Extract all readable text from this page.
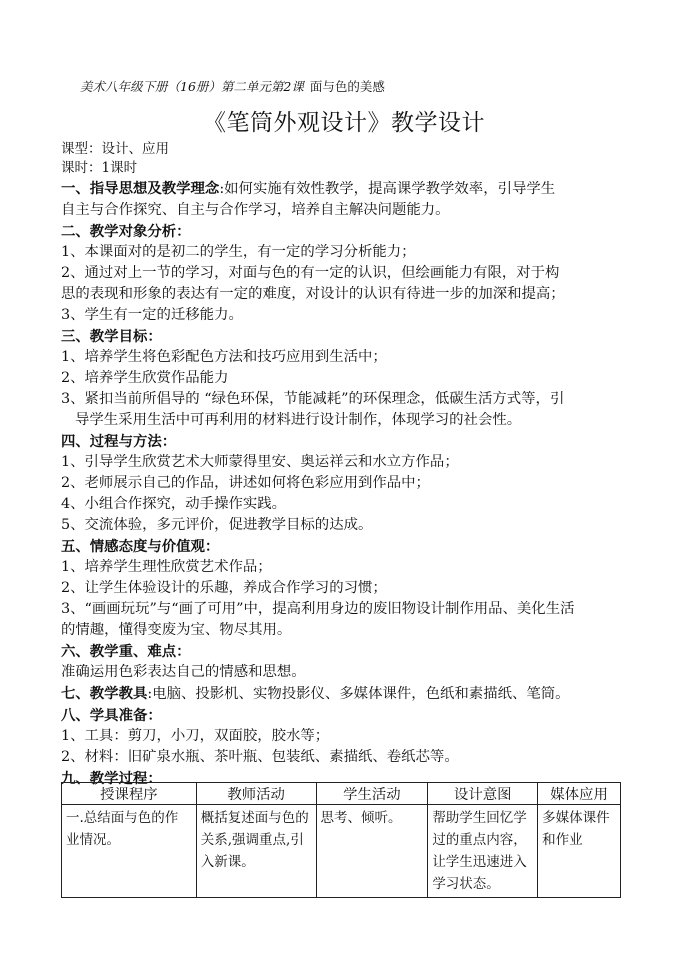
美术八年级下册（16册）第二单元第2课 面与色的美感
《笔筒外观设计》教学设计
课型：设计、应用
课时：1课时
一、指导思想及教学理念:如何实施有效性教学，提高课学教学效率，引导学生
自主与合作探究、自主与合作学习，培养自主解决问题能力。
二、教学对象分析：
1、本课面对的是初二的学生，有一定的学习分析能力；
2、通过对上一节的学习，对面与色的有一定的认识，但绘画能力有限，对于构
思的表现和形象的表达有一定的难度，对设计的认识有待进一步的加深和提高；
3、学生有一定的迁移能力。
三、教学目标：
1、培养学生将色彩配色方法和技巧应用到生活中；
2、培养学生欣赏作品能力
3、紧扣当前所倡导的 “绿色环保，节能减耗”的环保理念，低碳生活方式等，引
导学生采用生活中可再利用的材料进行设计制作，体现学习的社会性。
四、过程与方法：
1、引导学生欣赏艺术大师蒙得里安、奥运祥云和水立方作品；
2、老师展示自己的作品，讲述如何将色彩应用到作品中；
4、小组合作探究，动手操作实践。
5、交流体验，多元评价，促进教学目标的达成。
五、情感态度与价值观：
1、培养学生理性欣赏艺术作品；
2、让学生体验设计的乐趣，养成合作学习的习惯；
3、“画画玩玩”与“画了可用”中，提高利用身边的废旧物设计制作用品、美化生活
的情趣，懂得变废为宝、物尽其用。
六、教学重、难点：
准确运用色彩表达自己的情感和思想。
七、教学教具:电脑、投影机、实物投影仪、多媒体课件，色纸和素描纸、笔筒。
八、学具准备：
1、工具：剪刀，小刀，双面胶，胶水等；
2、材料：旧矿泉水瓶、茶叶瓶、包装纸、素描纸、卷纸芯等。
九、教学过程：
授课程序	教师活动	学生活动	设计意图	媒体应用
一.总结面与色的作业情况。	概括复述面与色的关系,强调重点,引入新课。	思考、倾听。	帮助学生回忆学过的重点内容，让学生迅速进入学习状态。	多媒体课件和作业
